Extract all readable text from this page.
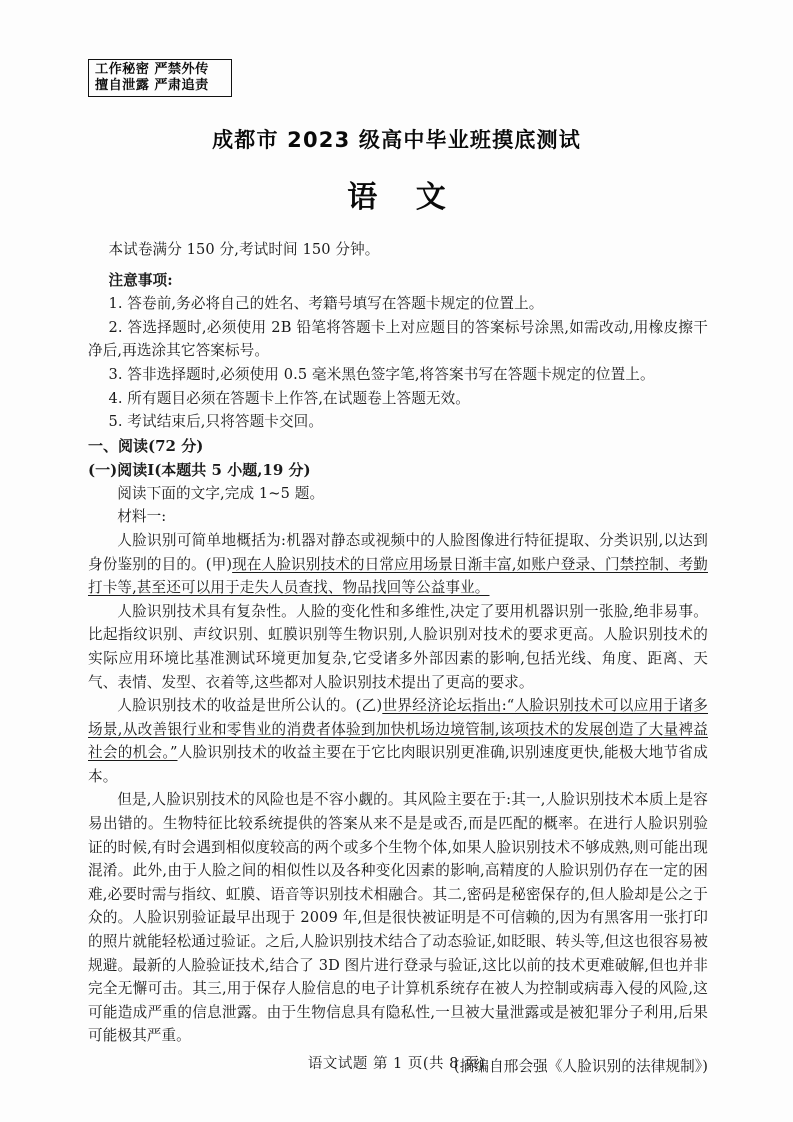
工作秘密 严禁外传
擅自泄露 严肃追责
成都市 2023 级高中毕业班摸底测试
语 文

本试卷满分 150 分,考试时间 150 分钟。

注意事项:

1. 答卷前,务必将自己的姓名、考籍号填写在答题卡规定的位置上。

2. 答选择题时,必须使用 2B 铅笔将答题卡上对应题目的答案标号涂黑,如需改动,用橡皮擦干净后,再选涂其它答案标号。

3. 答非选择题时,必须使用 0.5 毫米黑色签字笔,将答案书写在答题卡规定的位置上。

4. 所有题目必须在答题卡上作答,在试题卷上答题无效。

5. 考试结束后,只将答题卡交回。

一、阅读(72 分)

(一)阅读Ⅰ(本题共 5 小题,19 分)

阅读下面的文字,完成 1~5 题。

材料一:

人脸识别可简单地概括为:机器对静态或视频中的人脸图像进行特征提取、分类识别,以达到身份鉴别的目的。(甲)现在人脸识别技术的日常应用场景日渐丰富,如账户登录、门禁控制、考勤打卡等,甚至还可以用于走失人员查找、物品找回等公益事业。

人脸识别技术具有复杂性。人脸的变化性和多维性,决定了要用机器识别一张脸,绝非易事。比起指纹识别、声纹识别、虹膜识别等生物识别,人脸识别对技术的要求更高。人脸识别技术的实际应用环境比基准测试环境更加复杂,它受诸多外部因素的影响,包括光线、角度、距离、天气、表情、发型、衣着等,这些都对人脸识别技术提出了更高的要求。

人脸识别技术的收益是世所公认的。(乙)世界经济论坛指出:“人脸识别技术可以应用于诸多场景,从改善银行业和零售业的消费者体验到加快机场边境管制,该项技术的发展创造了大量裨益社会的机会。”人脸识别技术的收益主要在于它比肉眼识别更准确,识别速度更快,能极大地节省成本。

但是,人脸识别技术的风险也是不容小觑的。其风险主要在于:其一,人脸识别技术本质上是容易出错的。生物特征比较系统提供的答案从来不是是或否,而是匹配的概率。在进行人脸识别验证的时候,有时会遇到相似度较高的两个或多个生物个体,如果人脸识别技术不够成熟,则可能出现混淆。此外,由于人脸之间的相似性以及各种变化因素的影响,高精度的人脸识别仍存在一定的困难,必要时需与指纹、虹膜、语音等识别技术相融合。其二,密码是秘密保存的,但人脸却是公之于众的。人脸识别验证最早出现于 2009 年,但是很快被证明是不可信赖的,因为有黑客用一张打印的照片就能轻松通过验证。之后,人脸识别技术结合了动态验证,如眨眼、转头等,但这也很容易被规避。最新的人脸验证技术,结合了 3D 图片进行登录与验证,这比以前的技术更难破解,但也并非完全无懈可击。其三,用于保存人脸信息的电子计算机系统存在被人为控制或病毒入侵的风险,这可能造成严重的信息泄露。由于生物信息具有隐私性,一旦被大量泄露或是被犯罪分子利用,后果可能极其严重。

(摘编自邢会强《人脸识别的法律规制》)

语文试题 第 1 页(共 8 页)
